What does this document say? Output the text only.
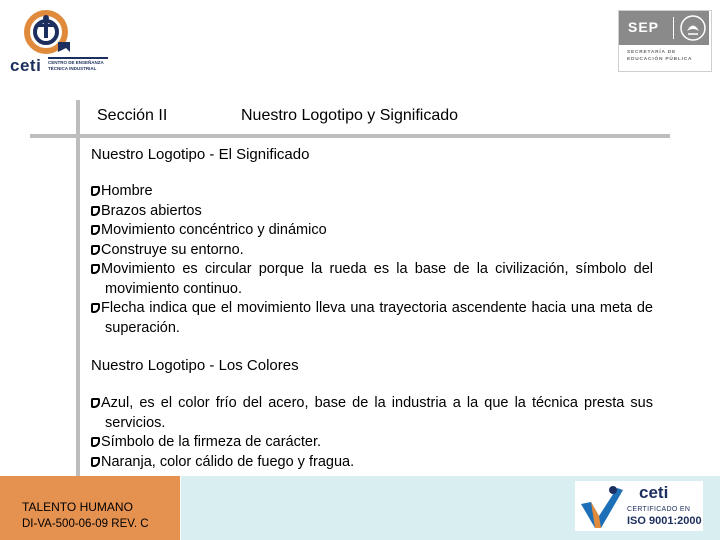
ceti CENTRO DE ENSEÑANZA TÉCNICA INDUSTRIAL
SEP
SECRETARÍA DE
EDUCACIÓN PÚBLICA
Sección II	Nuestro Logotipo y Significado
Nuestro Logotipo - El Significado
Hombre
Brazos abiertos
Movimiento concéntrico y dinámico
Construye su entorno.
Movimiento es circular porque la rueda es la base de la civilización, símbolo del movimiento continuo.
Flecha indica que el movimiento lleva una trayectoria ascendente hacia una meta de superación.
Nuestro Logotipo - Los Colores
Azul, es el color frío del acero, base de la industria a la que la técnica presta sus servicios.
Símbolo de la firmeza de carácter.
Naranja, color cálido de fuego y fragua.
TALENTO HUMANO
DI-VA-500-06-09 REV. C
ceti
CERTIFICADO EN
ISO 9001:2000
